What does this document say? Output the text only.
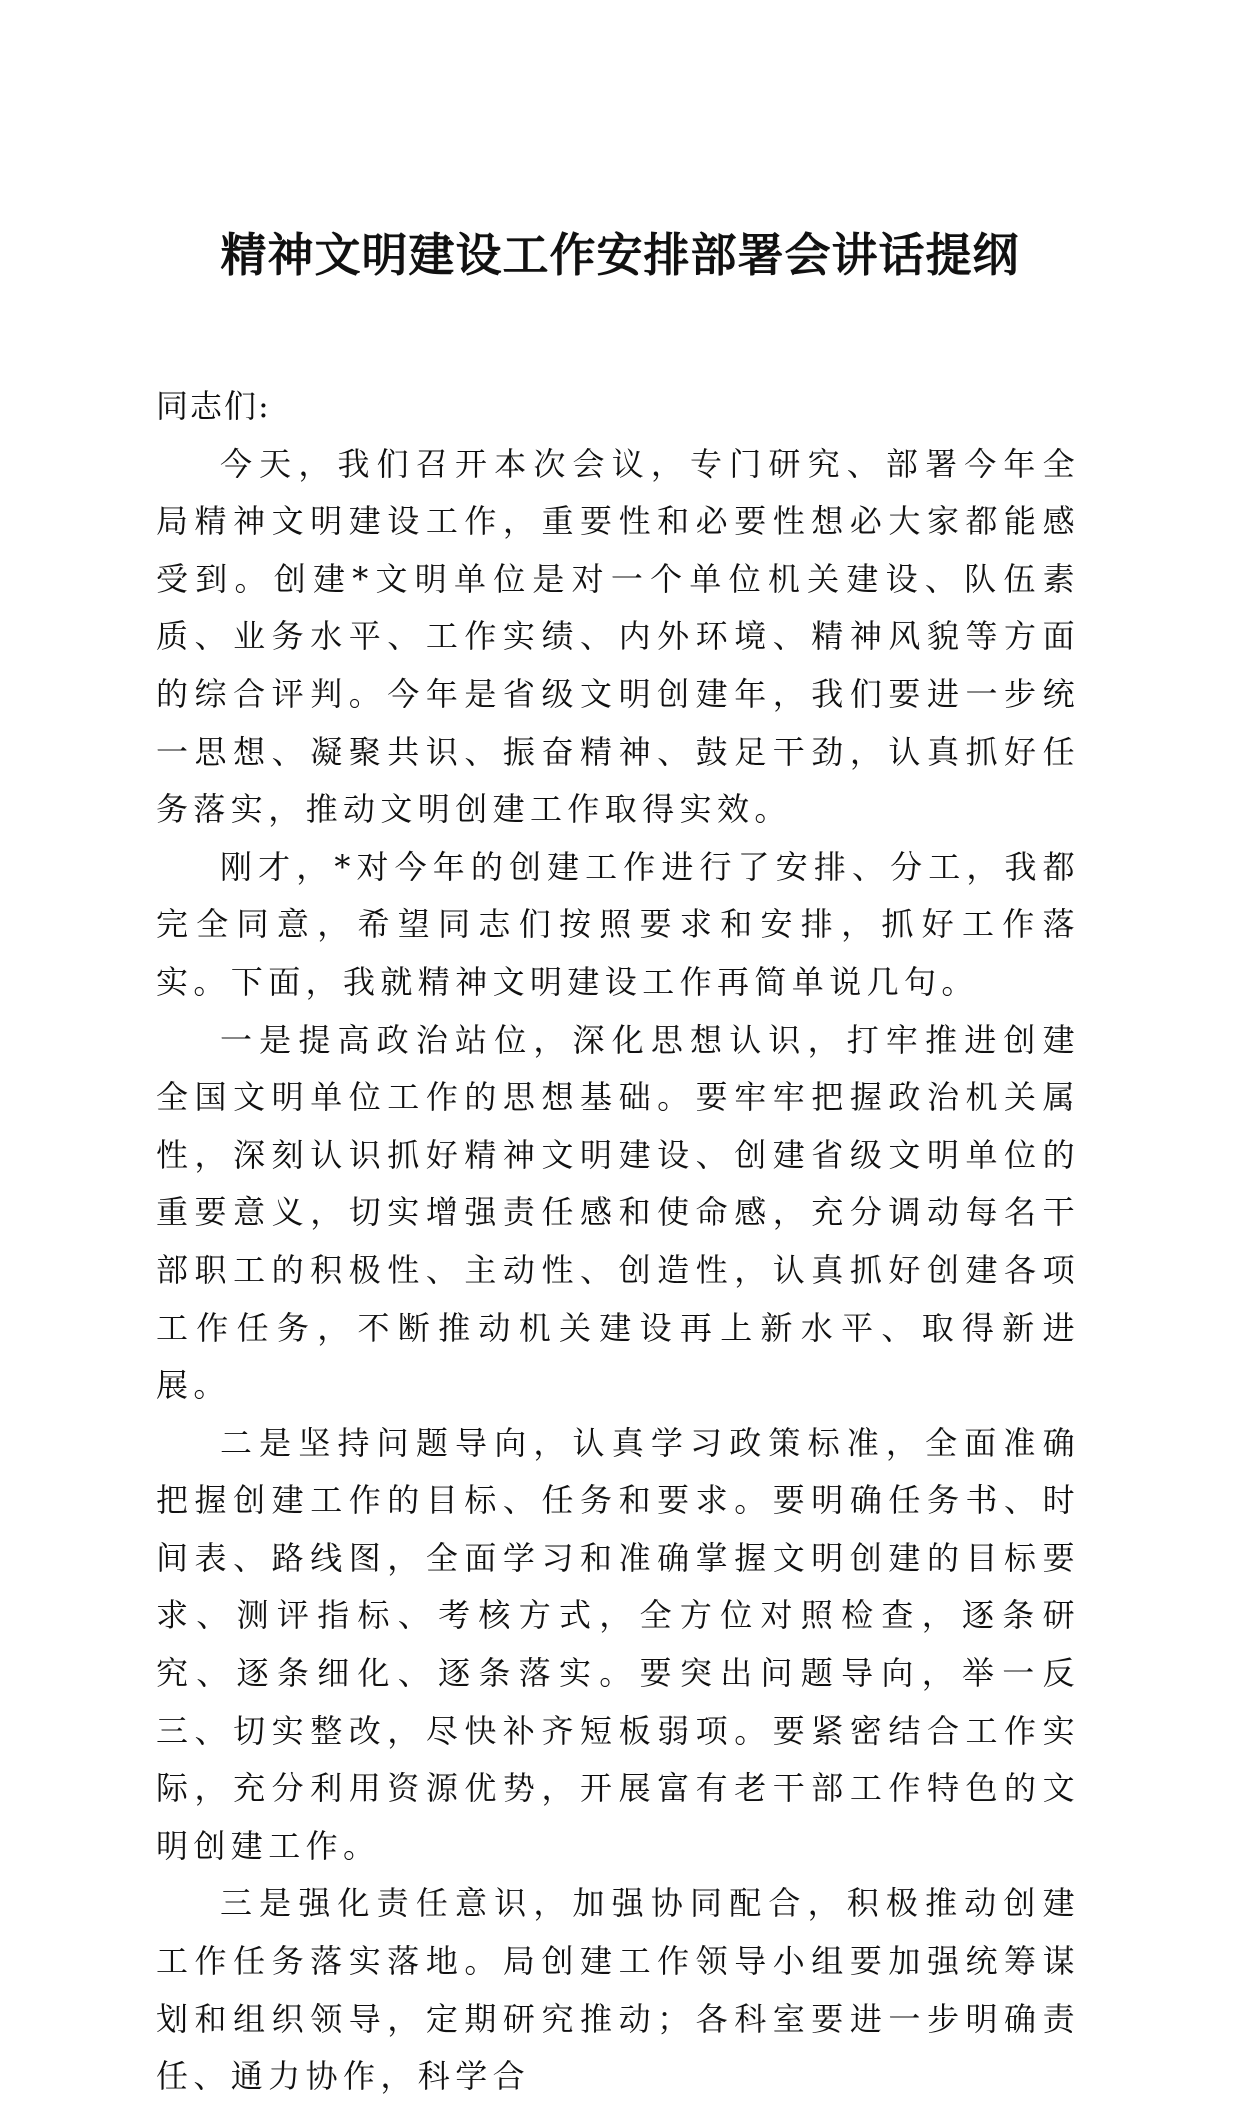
精神文明建设工作安排部署会讲话提纲

同志们:

今天，我们召开本次会议，专门研究、部署今年全局精神文明建设工作，重要性和必要性想必大家都能感受到。创建*文明单位是对一个单位机关建设、队伍素质、业务水平、工作实绩、内外环境、精神风貌等方面的综合评判。今年是省级文明创建年，我们要进一步统一思想、凝聚共识、振奋精神、鼓足干劲，认真抓好任务落实，推动文明创建工作取得实效。

刚才，*对今年的创建工作进行了安排、分工，我都完全同意，希望同志们按照要求和安排，抓好工作落实。下面，我就精神文明建设工作再简单说几句。

一是提高政治站位，深化思想认识，打牢推进创建全国文明单位工作的思想基础。要牢牢把握政治机关属性，深刻认识抓好精神文明建设、创建省级文明单位的重要意义，切实增强责任感和使命感，充分调动每名干部职工的积极性、主动性、创造性，认真抓好创建各项工作任务，不断推动机关建设再上新水平、取得新进展。

二是坚持问题导向，认真学习政策标准，全面准确把握创建工作的目标、任务和要求。要明确任务书、时间表、路线图，全面学习和准确掌握文明创建的目标要求、测评指标、考核方式，全方位对照检查，逐条研究、逐条细化、逐条落实。要突出问题导向，举一反三、切实整改，尽快补齐短板弱项。要紧密结合工作实际，充分利用资源优势，开展富有老干部工作特色的文明创建工作。

三是强化责任意识，加强协同配合，积极推动创建工作任务落实落地。局创建工作领导小组要加强统筹谋划和组织领导，定期研究推动；各科室要进一步明确责任、通力协作，科学合
